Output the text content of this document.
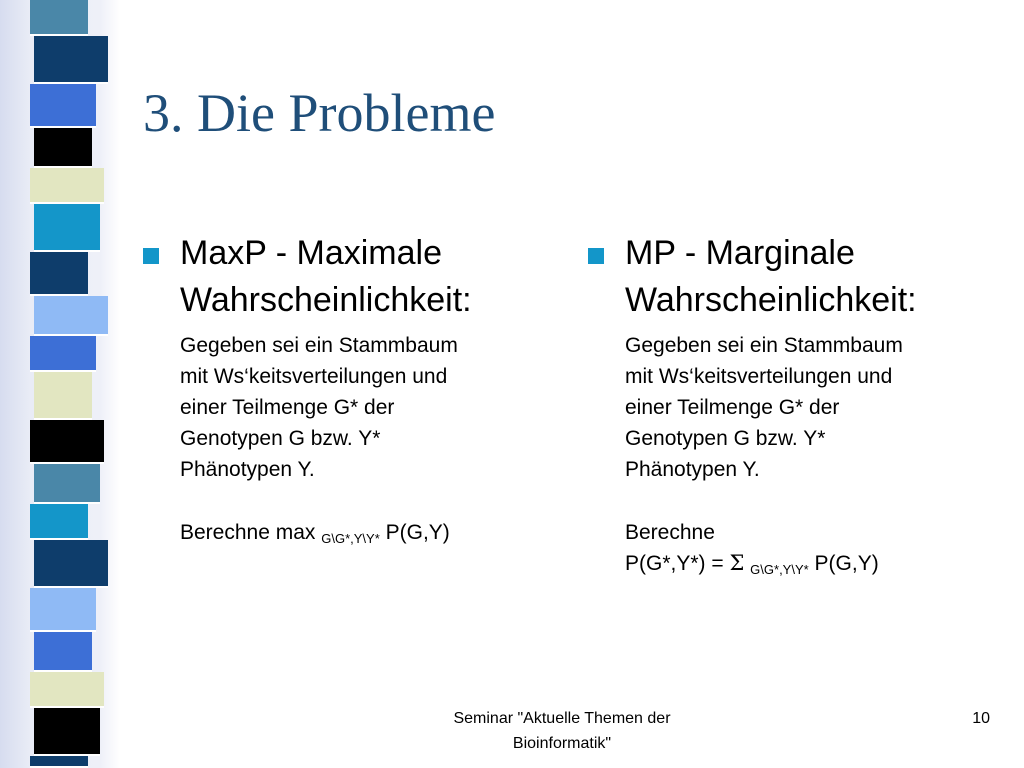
3. Die Probleme
MaxP - Maximale
Wahrscheinlichkeit:

Gegeben sei ein Stammbaum
mit Ws‘keitsverteilungen und
einer Teilmenge G* der
Genotypen G bzw. Y*
Phänotypen Y.

Berechne max G\G*,Y\Y* P(G,Y)

MP - Marginale
Wahrscheinlichkeit:

Gegeben sei ein Stammbaum
mit Ws‘keitsverteilungen und
einer Teilmenge G* der
Genotypen G bzw. Y*
Phänotypen Y.

Berechne
P(G*,Y*) = Σ G\G*,Y\Y* P(G,Y)

Seminar "Aktuelle Themen der
Bioinformatik"
10
